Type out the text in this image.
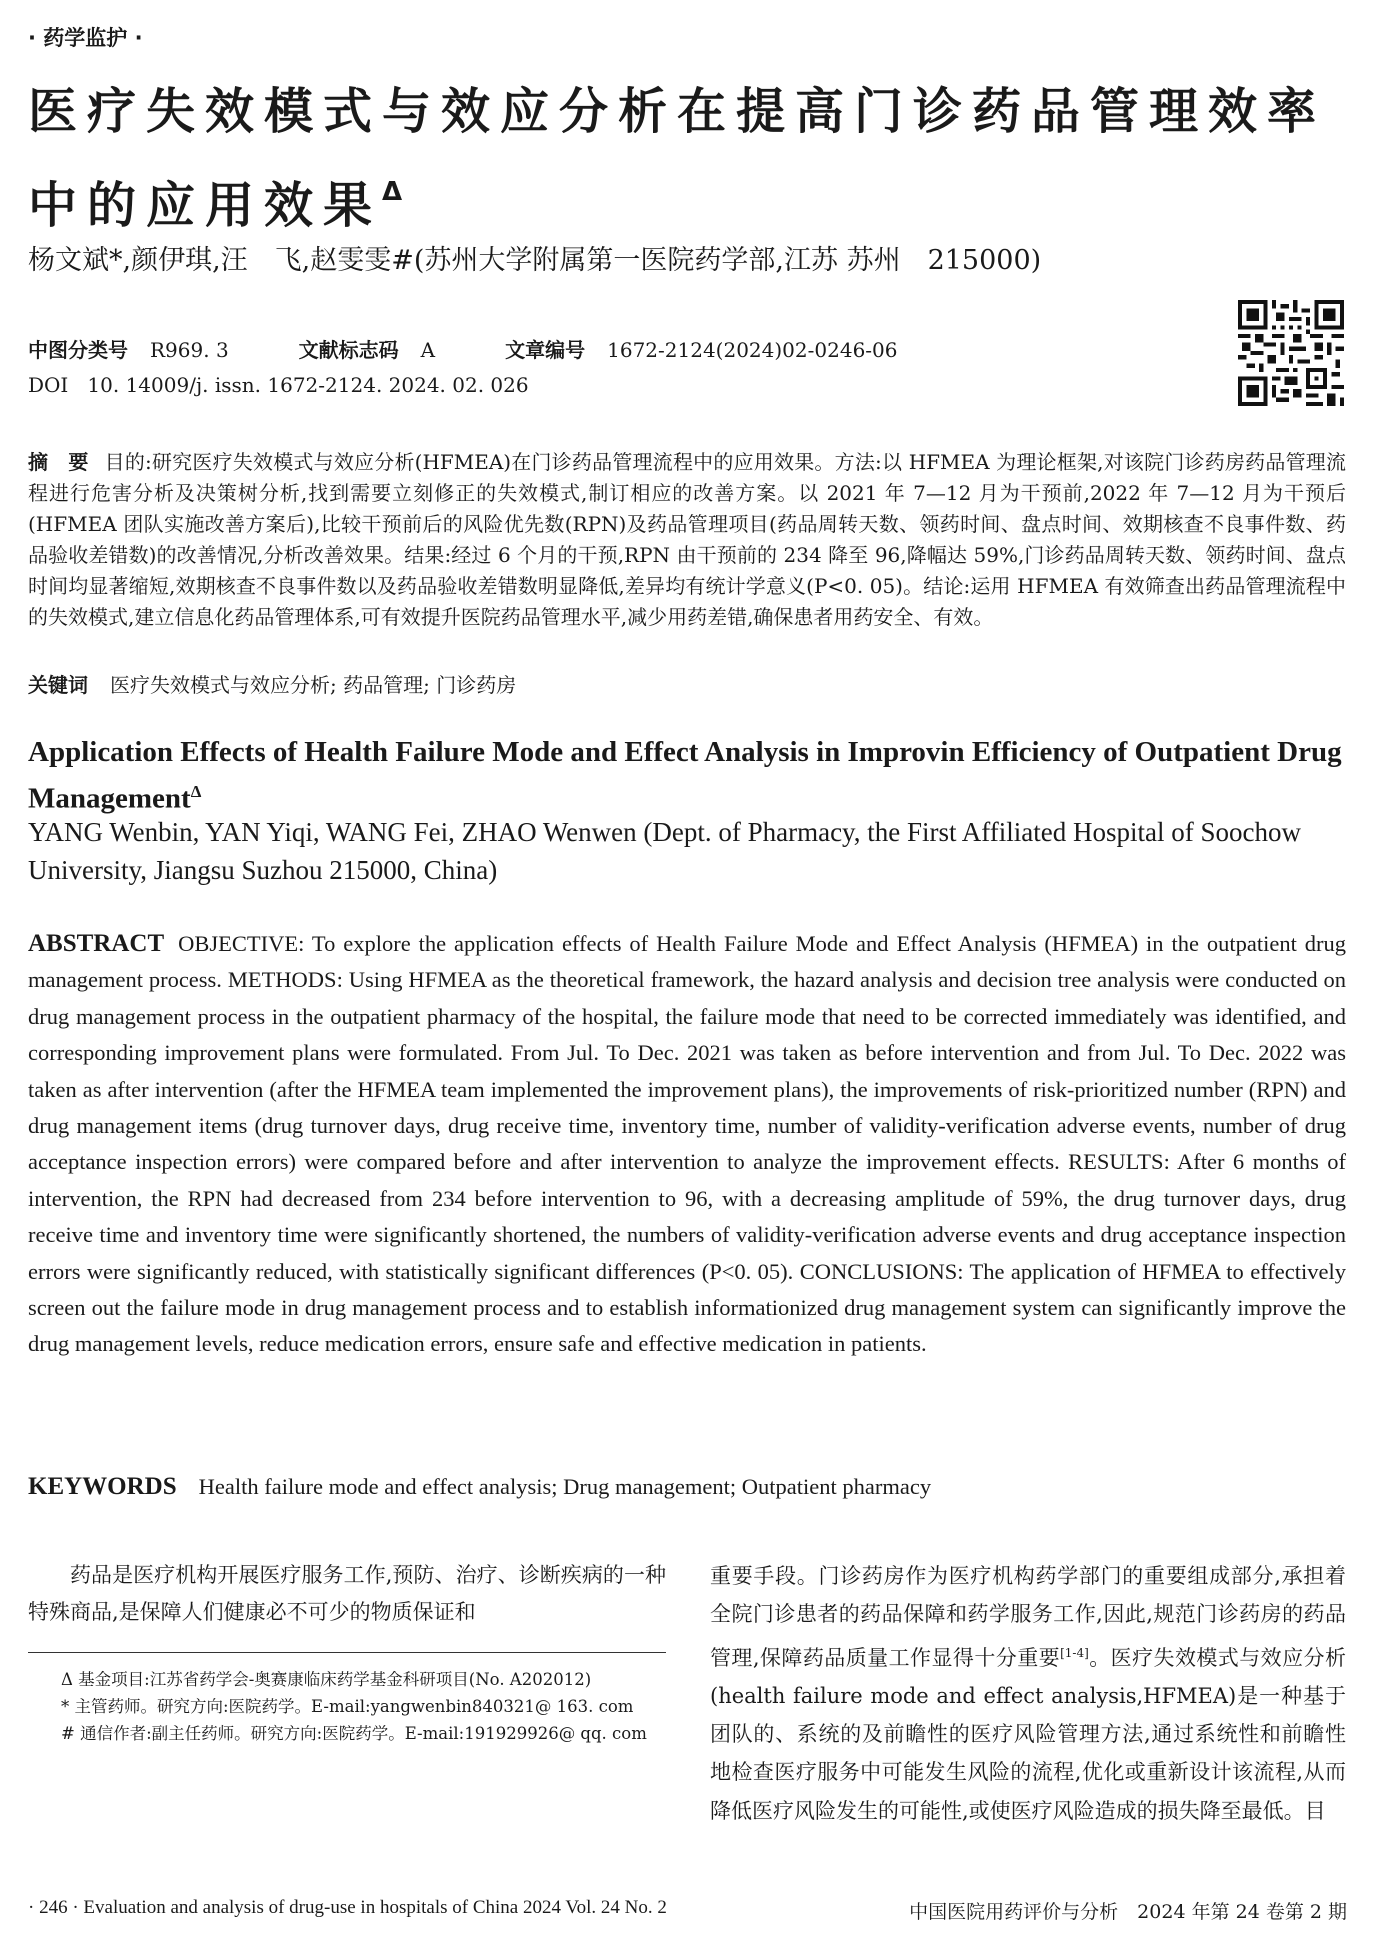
· 药学监护 ·
医疗失效模式与效应分析在提高门诊药品管理效率中的应用效果$^\Delta$
杨文斌*,颜伊琪,汪　飞,赵雯雯#(苏州大学附属第一医院药学部,江苏 苏州　215000)
中图分类号 R969. 3	文献标志码 A	文章编号 1672-2124(2024)02-0246-06
DOI 10. 14009/j. issn. 1672-2124. 2024. 02. 026
摘　要 目的:研究医疗失效模式与效应分析(HFMEA)在门诊药品管理流程中的应用效果。方法:以 HFMEA 为理论框架,对该院门诊药房药品管理流程进行危害分析及决策树分析,找到需要立刻修正的失效模式,制订相应的改善方案。以 2021 年 7—12 月为干预前,2022 年 7—12 月为干预后(HFMEA 团队实施改善方案后),比较干预前后的风险优先数(RPN)及药品管理项目(药品周转天数、领药时间、盘点时间、效期核查不良事件数、药品验收差错数)的改善情况,分析改善效果。结果:经过 6 个月的干预,RPN 由干预前的 234 降至 96,降幅达 59%,门诊药品周转天数、领药时间、盘点时间均显著缩短,效期核查不良事件数以及药品验收差错数明显降低,差异均有统计学意义(P<0. 05)。结论:运用 HFMEA 有效筛查出药品管理流程中的失效模式,建立信息化药品管理体系,可有效提升医院药品管理水平,减少用药差错,确保患者用药安全、有效。
关键词 医疗失效模式与效应分析; 药品管理; 门诊药房
Application Effects of Health Failure Mode and Effect Analysis in Improvin Efficiency of Outpatient Drug Management$^\Delta$
YANG Wenbin, YAN Yiqi, WANG Fei, ZHAO Wenwen (Dept. of Pharmacy, the First Affiliated Hospital of Soochow University, Jiangsu Suzhou 215000, China)
ABSTRACT OBJECTIVE: To explore the application effects of Health Failure Mode and Effect Analysis (HFMEA) in the outpatient drug management process. METHODS: Using HFMEA as the theoretical framework, the hazard analysis and decision tree analysis were conducted on drug management process in the outpatient pharmacy of the hospital, the failure mode that need to be corrected immediately was identified, and corresponding improvement plans were formulated. From Jul. To Dec. 2021 was taken as before intervention and from Jul. To Dec. 2022 was taken as after intervention (after the HFMEA team implemented the improvement plans), the improvements of risk-prioritized number (RPN) and drug management items (drug turnover days, drug receive time, inventory time, number of validity-verification adverse events, number of drug acceptance inspection errors) were compared before and after intervention to analyze the improvement effects. RESULTS: After 6 months of intervention, the RPN had decreased from 234 before intervention to 96, with a decreasing amplitude of 59%, the drug turnover days, drug receive time and inventory time were significantly shortened, the numbers of validity-verification adverse events and drug acceptance inspection errors were significantly reduced, with statistically significant differences (P<0. 05). CONCLUSIONS: The application of HFMEA to effectively screen out the failure mode in drug management process and to establish informationized drug management system can significantly improve the drug management levels, reduce medication errors, ensure safe and effective medication in patients.
KEYWORDS Health failure mode and effect analysis; Drug management; Outpatient pharmacy

药品是医疗机构开展医疗服务工作,预防、治疗、诊断疾病的一种特殊商品,是保障人们健康必不可少的物质保证和

Δ 基金项目:江苏省药学会-奥赛康临床药学基金科研项目(No. A202012)

* 主管药师。研究方向:医院药学。E-mail:yangwenbin840321@ 163. com

# 通信作者:副主任药师。研究方向:医院药学。E-mail:191929926@ qq. com

重要手段。门诊药房作为医疗机构药学部门的重要组成部分,承担着全院门诊患者的药品保障和药学服务工作,因此,规范门诊药房的药品管理,保障药品质量工作显得十分重要[1-4]。医疗失效模式与效应分析(health failure mode and effect analysis,HFMEA)是一种基于团队的、系统的及前瞻性的医疗风险管理方法,通过系统性和前瞻性地检查医疗服务中可能发生风险的流程,优化或重新设计该流程,从而降低医疗风险发生的可能性,或使医疗风险造成的损失降至最低。目

· 246 · Evaluation and analysis of drug-use in hospitals of China 2024 Vol. 24 No. 2	中国医院用药评价与分析　2024 年第 24 卷第 2 期
